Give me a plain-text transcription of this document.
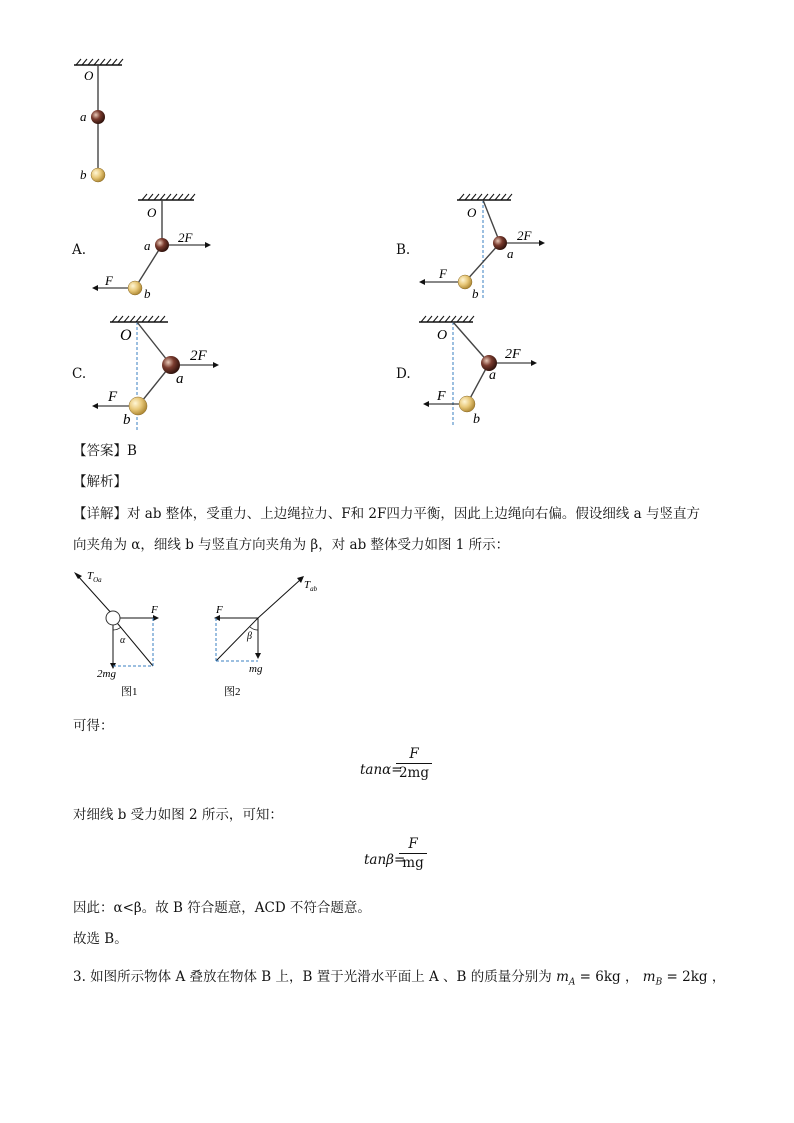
O
a
b
A.
O
a
b
2F
F
B.
O
a
b
2F
F
C.
O
a
b
2F
F
D.
O
a
b
2F
F
【答案】B
【解析】
【详解】对 ab 整体，受重力、上边绳拉力、F和 2F四力平衡，因此上边绳向右偏。假设细线 a 与竖直方
向夹角为 α，细线 b 与竖直方向夹角为 β，对 ab 整体受力如图 1 所示：
$T_{Oa}$
F
α
2mg
图1
$T_{ab}$
F
β
mg
图2
可得：
tanα=
F
2mg
对细线 b 受力如图 2 所示，可知：
tanβ=
F
mg
因此：α<β。故 B 符合题意，ACD 不符合题意。
故选 B。
3. 如图所示物体 A 叠放在物体 B 上，B 置于光滑水平面上 A 、B 的质量分别为 $m_A = 6kg$ ， $m_B = 2kg$ ，
